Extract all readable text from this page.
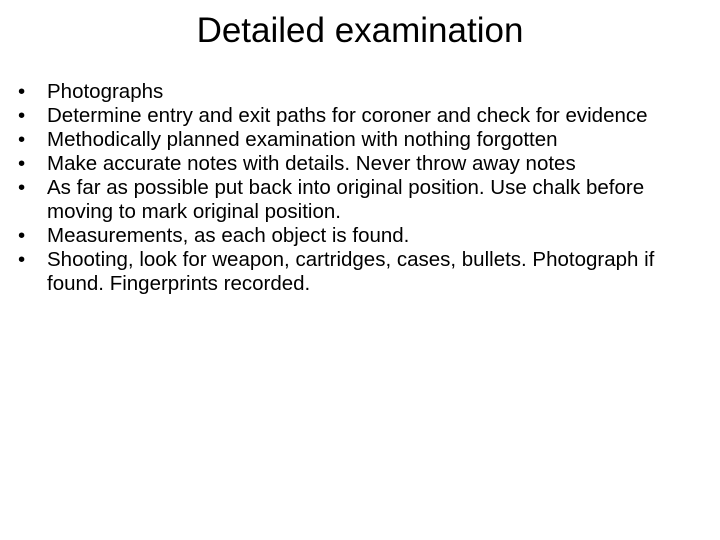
Detailed examination
•	Photographs
•	Determine entry and exit paths for coroner and check for evidence
•	Methodically planned examination with nothing forgotten
•	Make accurate notes with details. Never throw away notes
•	As far as possible put back into original position. Use chalk before moving to mark original position.
•	Measurements, as each object is found.
•	Shooting, look for weapon, cartridges, cases, bullets. Photograph if found. Fingerprints recorded.
